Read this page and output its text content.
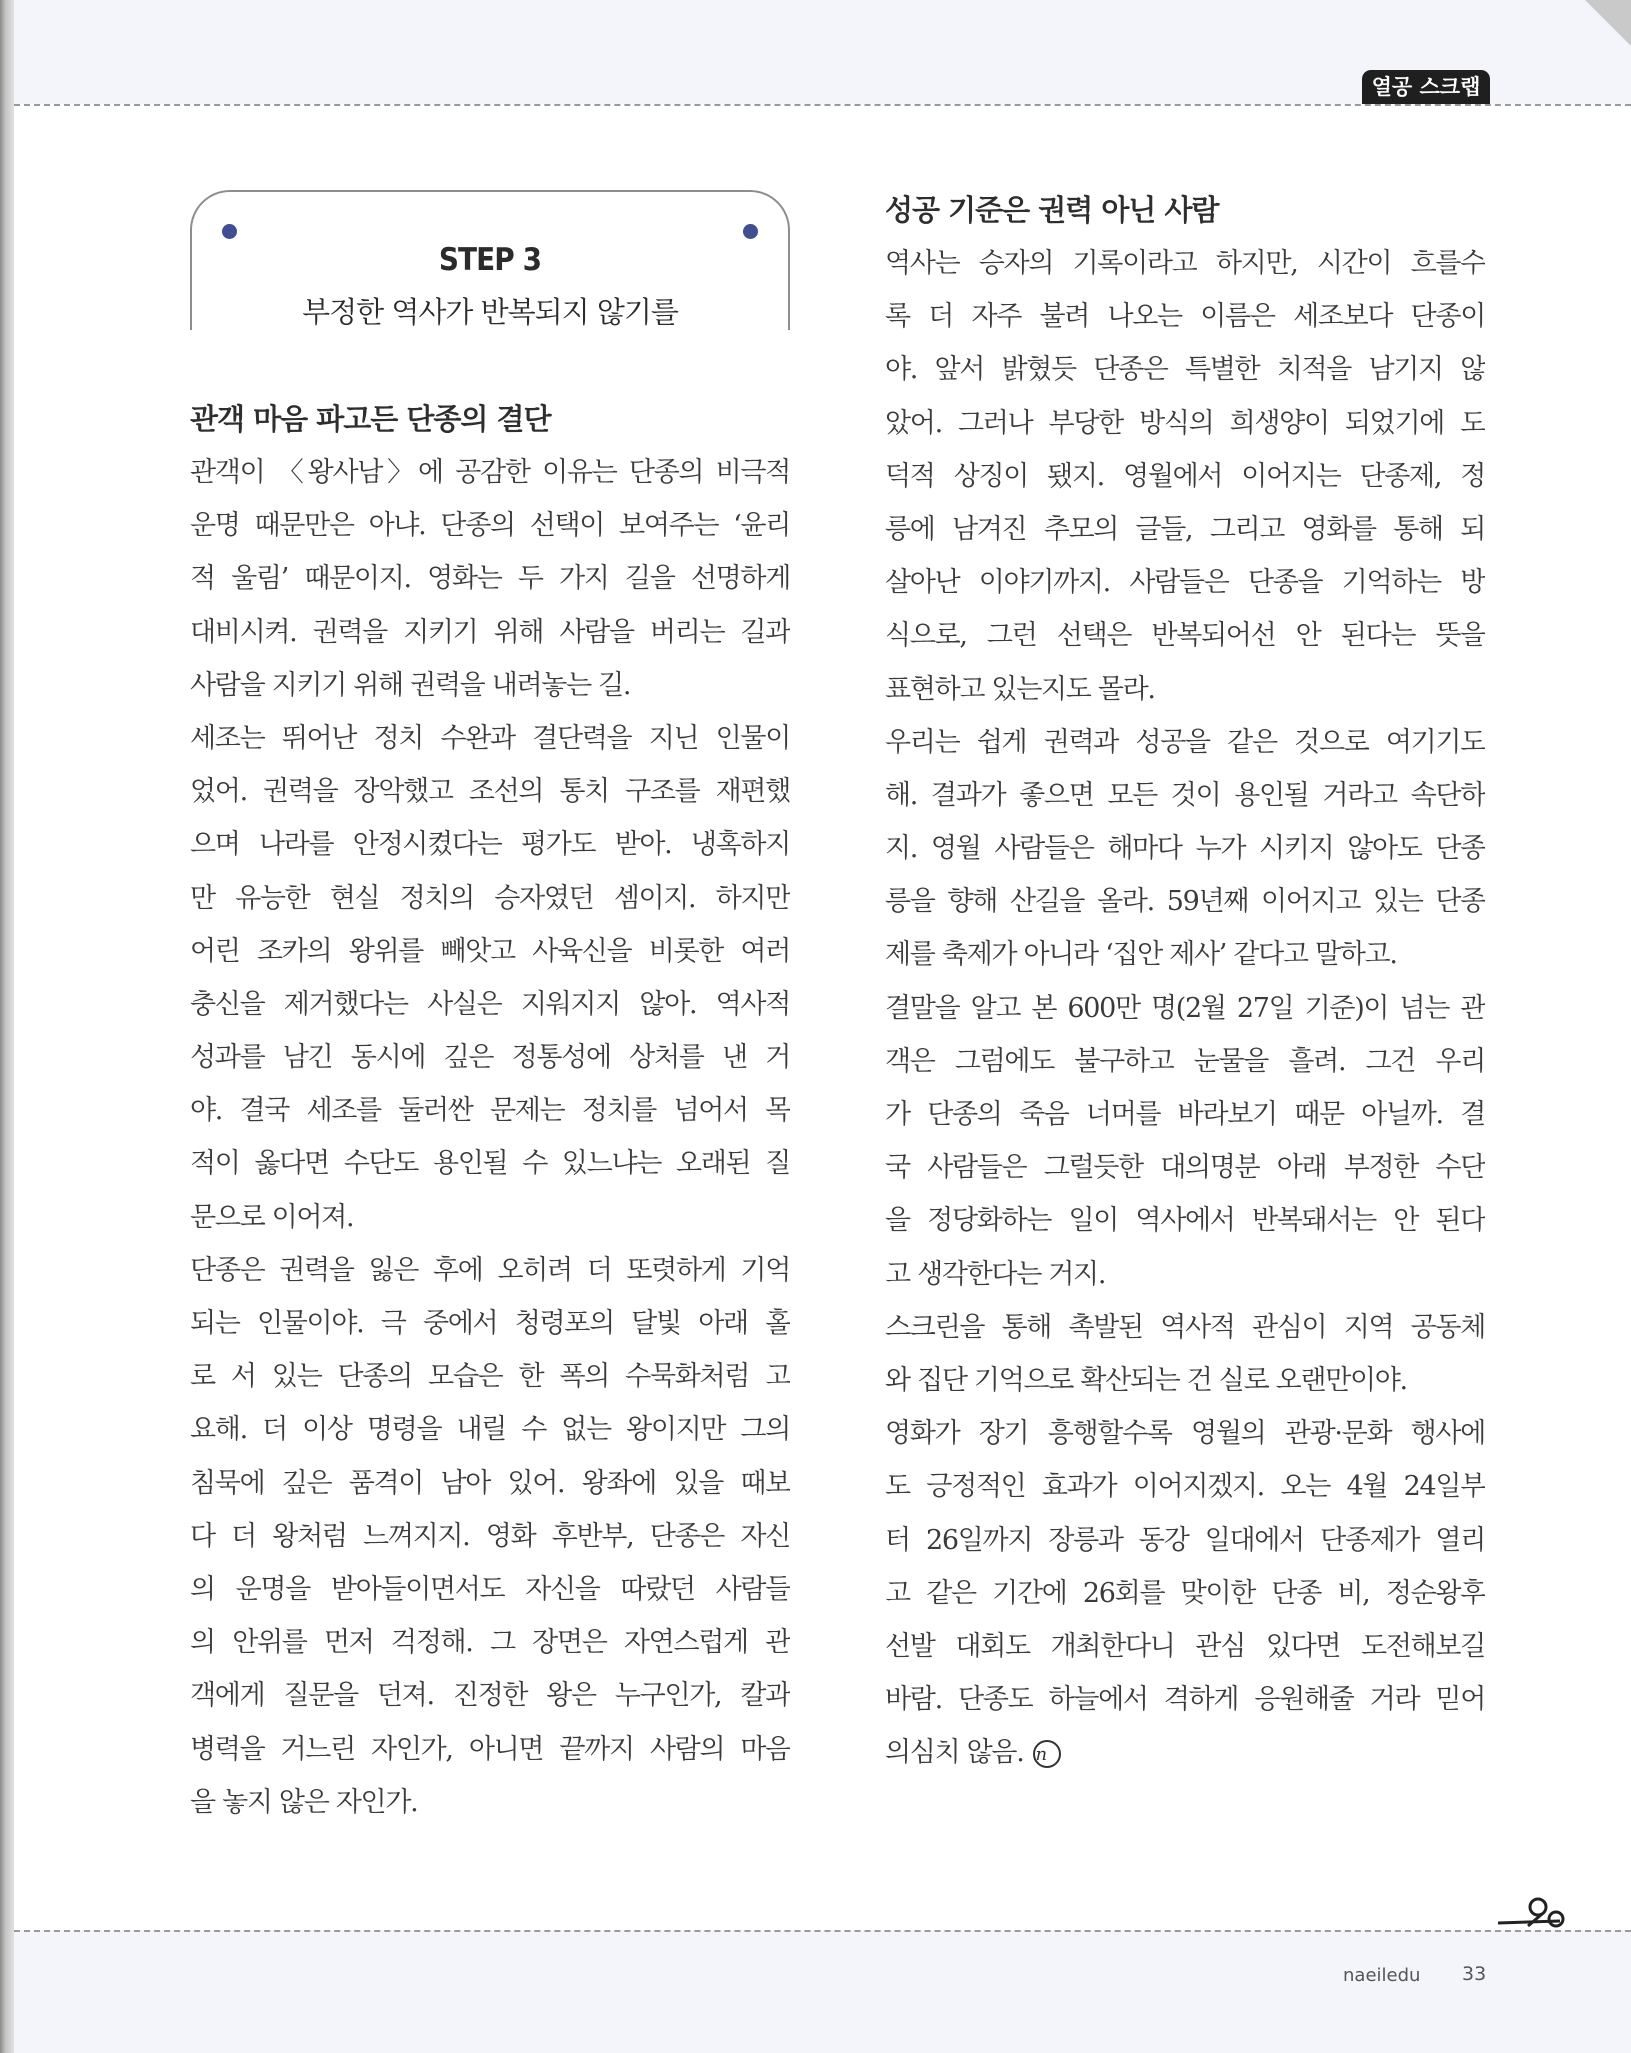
열공 스크랩
STEP 3
부정한 역사가 반복되지 않기를
관객 마음 파고든 단종의 결단
관객이 〈왕사남〉에 공감한 이유는 단종의 비극적
운명 때문만은 아냐. 단종의 선택이 보여주는 ‘윤리
적 울림’ 때문이지. 영화는 두 가지 길을 선명하게
대비시켜. 권력을 지키기 위해 사람을 버리는 길과
사람을 지키기 위해 권력을 내려놓는 길.
세조는 뛰어난 정치 수완과 결단력을 지닌 인물이
었어. 권력을 장악했고 조선의 통치 구조를 재편했
으며 나라를 안정시켰다는 평가도 받아. 냉혹하지
만 유능한 현실 정치의 승자였던 셈이지. 하지만
어린 조카의 왕위를 빼앗고 사육신을 비롯한 여러
충신을 제거했다는 사실은 지워지지 않아. 역사적
성과를 남긴 동시에 깊은 정통성에 상처를 낸 거
야. 결국 세조를 둘러싼 문제는 정치를 넘어서 목
적이 옳다면 수단도 용인될 수 있느냐는 오래된 질
문으로 이어져.
단종은 권력을 잃은 후에 오히려 더 또렷하게 기억
되는 인물이야. 극 중에서 청령포의 달빛 아래 홀
로 서 있는 단종의 모습은 한 폭의 수묵화처럼 고
요해. 더 이상 명령을 내릴 수 없는 왕이지만 그의
침묵에 깊은 품격이 남아 있어. 왕좌에 있을 때보
다 더 왕처럼 느껴지지. 영화 후반부, 단종은 자신
의 운명을 받아들이면서도 자신을 따랐던 사람들
의 안위를 먼저 걱정해. 그 장면은 자연스럽게 관
객에게 질문을 던져. 진정한 왕은 누구인가, 칼과
병력을 거느린 자인가, 아니면 끝까지 사람의 마음
을 놓지 않은 자인가.
성공 기준은 권력 아닌 사람
역사는 승자의 기록이라고 하지만, 시간이 흐를수
록 더 자주 불려 나오는 이름은 세조보다 단종이
야. 앞서 밝혔듯 단종은 특별한 치적을 남기지 않
았어. 그러나 부당한 방식의 희생양이 되었기에 도
덕적 상징이 됐지. 영월에서 이어지는 단종제, 정
릉에 남겨진 추모의 글들, 그리고 영화를 통해 되
살아난 이야기까지. 사람들은 단종을 기억하는 방
식으로, 그런 선택은 반복되어선 안 된다는 뜻을
표현하고 있는지도 몰라.
우리는 쉽게 권력과 성공을 같은 것으로 여기기도
해. 결과가 좋으면 모든 것이 용인될 거라고 속단하
지. 영월 사람들은 해마다 누가 시키지 않아도 단종
릉을 향해 산길을 올라. 59년째 이어지고 있는 단종
제를 축제가 아니라 ‘집안 제사’ 같다고 말하고.
결말을 알고 본 600만 명(2월 27일 기준)이 넘는 관
객은 그럼에도 불구하고 눈물을 흘려. 그건 우리
가 단종의 죽음 너머를 바라보기 때문 아닐까. 결
국 사람들은 그럴듯한 대의명분 아래 부정한 수단
을 정당화하는 일이 역사에서 반복돼서는 안 된다
고 생각한다는 거지.
스크린을 통해 촉발된 역사적 관심이 지역 공동체
와 집단 기억으로 확산되는 건 실로 오랜만이야.
영화가 장기 흥행할수록 영월의 관광·문화 행사에
도 긍정적인 효과가 이어지겠지. 오는 4월 24일부
터 26일까지 장릉과 동강 일대에서 단종제가 열리
고 같은 기간에 26회를 맞이한 단종 비, 정순왕후
선발 대회도 개최한다니 관심 있다면 도전해보길
바람. 단종도 하늘에서 격하게 응원해줄 거라 믿어
의심치 않음. n
naeiledu 33
